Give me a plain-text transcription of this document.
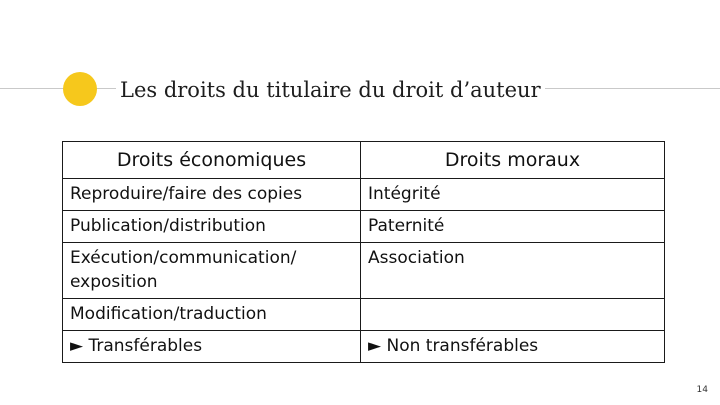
Les droits du titulaire du droit d’auteur
Droits économiques	Droits moraux
Reproduire/faire des copies	Intégrité
Publication/distribution	Paternité
Exécution/communication/ exposition	Association
Modification/traduction	
► Transférables	► Non transférables
14
